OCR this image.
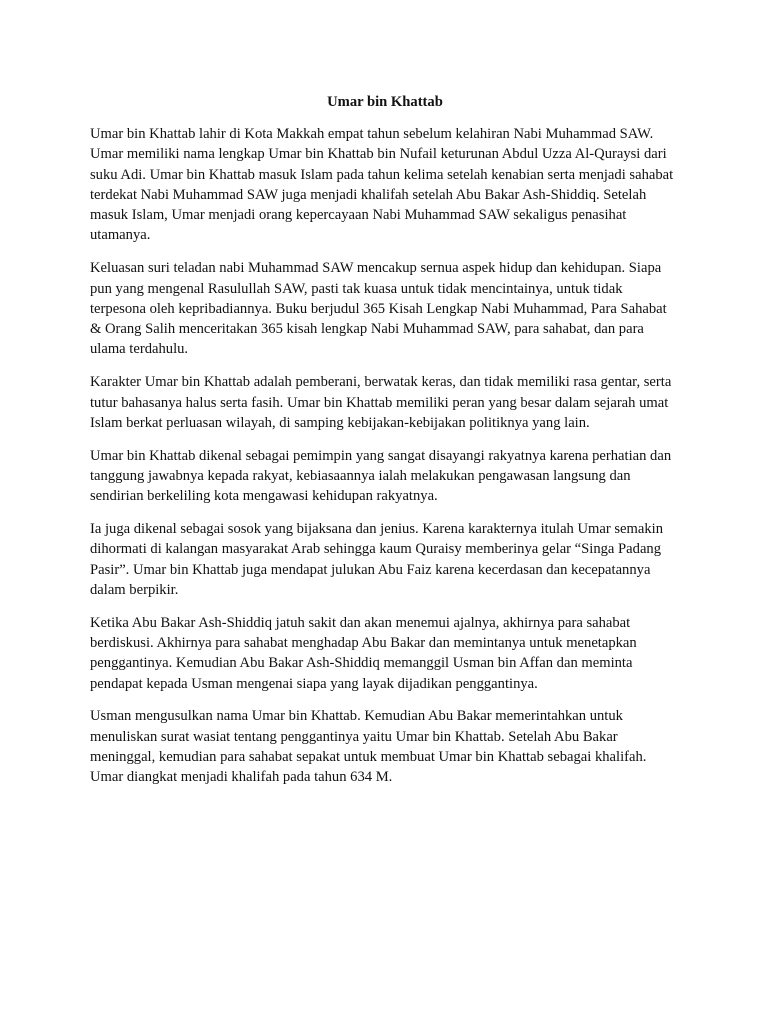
Umar bin Khattab

Umar bin Khattab lahir di Kota Makkah empat tahun sebelum kelahiran Nabi Muhammad SAW. Umar memiliki nama lengkap Umar bin Khattab bin Nufail keturunan Abdul Uzza Al-Quraysi dari suku Adi. Umar bin Khattab masuk Islam pada tahun kelima setelah kenabian serta menjadi sahabat terdekat Nabi Muhammad SAW juga menjadi khalifah setelah Abu Bakar Ash-Shiddiq. Setelah masuk Islam, Umar menjadi orang kepercayaan Nabi Muhammad SAW sekaligus penasihat utamanya.

Keluasan suri teladan nabi Muhammad SAW mencakup sernua aspek hidup dan kehidupan. Siapa pun yang mengenal Rasulullah SAW, pasti tak kuasa untuk tidak mencintainya, untuk tidak terpesona oleh kepribadiannya. Buku berjudul 365 Kisah Lengkap Nabi Muhammad, Para Sahabat & Orang Salih menceritakan 365 kisah lengkap Nabi Muhammad SAW, para sahabat, dan para ulama terdahulu.

Karakter Umar bin Khattab adalah pemberani, berwatak keras, dan tidak memiliki rasa gentar, serta tutur bahasanya halus serta fasih. Umar bin Khattab memiliki peran yang besar dalam sejarah umat Islam berkat perluasan wilayah, di samping kebijakan-kebijakan politiknya yang lain.

Umar bin Khattab dikenal sebagai pemimpin yang sangat disayangi rakyatnya karena perhatian dan tanggung jawabnya kepada rakyat, kebiasaannya ialah melakukan pengawasan langsung dan sendirian berkeliling kota mengawasi kehidupan rakyatnya.

Ia juga dikenal sebagai sosok yang bijaksana dan jenius. Karena karakternya itulah Umar semakin dihormati di kalangan masyarakat Arab sehingga kaum Quraisy memberinya gelar “Singa Padang Pasir”. Umar bin Khattab juga mendapat julukan Abu Faiz karena kecerdasan dan kecepatannya dalam berpikir.

Ketika Abu Bakar Ash-Shiddiq jatuh sakit dan akan menemui ajalnya, akhirnya para sahabat berdiskusi. Akhirnya para sahabat menghadap Abu Bakar dan memintanya untuk menetapkan penggantinya. Kemudian Abu Bakar Ash-Shiddiq memanggil Usman bin Affan dan meminta pendapat kepada Usman mengenai siapa yang layak dijadikan penggantinya.

Usman mengusulkan nama Umar bin Khattab. Kemudian Abu Bakar memerintahkan untuk menuliskan surat wasiat tentang penggantinya yaitu Umar bin Khattab. Setelah Abu Bakar meninggal, kemudian para sahabat sepakat untuk membuat Umar bin Khattab sebagai khalifah. Umar diangkat menjadi khalifah pada tahun 634 M.
